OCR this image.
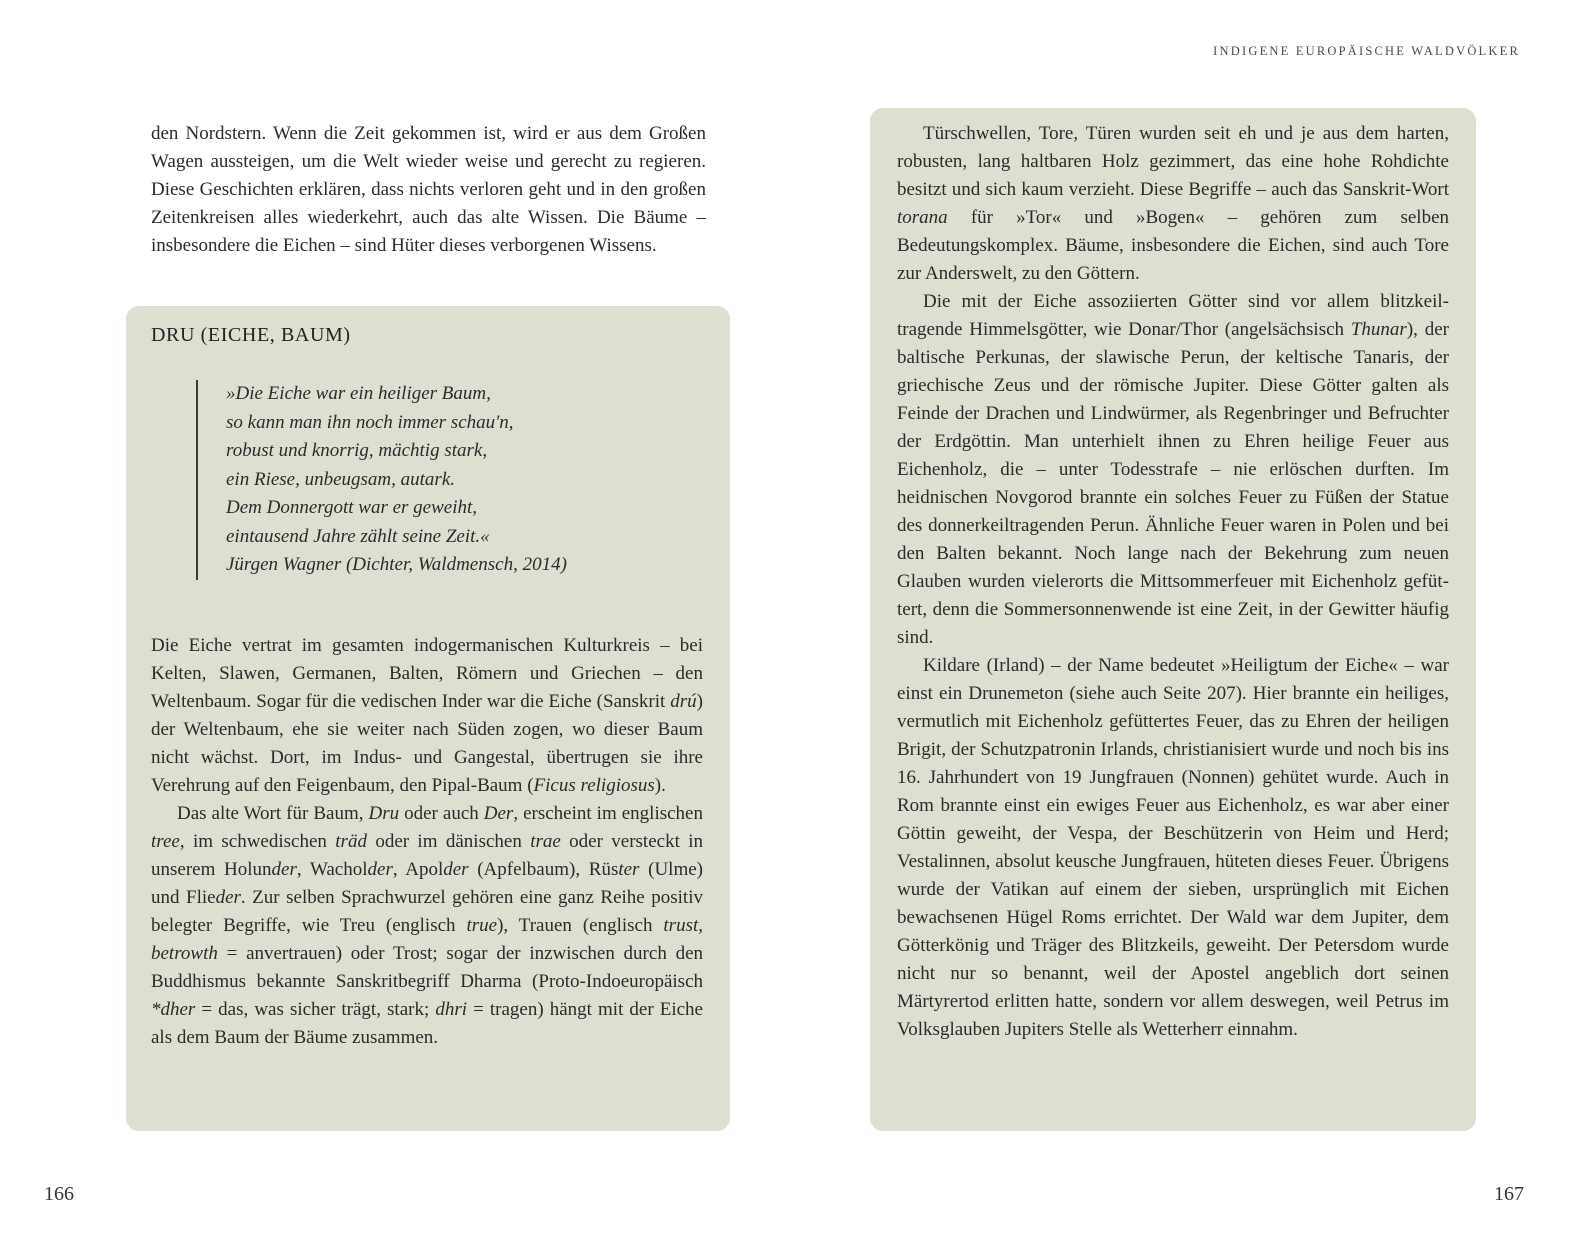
INDIGENE EUROPÄISCHE WALDVÖLKER

den Nordstern. Wenn die Zeit gekommen ist, wird er aus dem Großen Wagen aussteigen, um die Welt wieder weise und gerecht zu regieren. Diese Geschichten erklären, dass nichts verloren geht und in den großen Zeitenkreisen alles wiederkehrt, auch das alte Wissen. Die Bäume – insbesondere die Eichen – sind Hüter dieses verborgenen Wissens.

DRU (EICHE, BAUM)
»Die Eiche war ein heiliger Baum,
so kann man ihn noch immer schau'n,
robust und knorrig, mächtig stark,
ein Riese, unbeugsam, autark.
Dem Donnergott war er geweiht,
eintausend Jahre zählt seine Zeit.«
Jürgen Wagner (Dichter, Waldmensch, 2014)

Die Eiche vertrat im gesamten indogermanischen Kulturkreis – bei Kelten, Slawen, Germanen, Balten, Römern und Griechen – den Weltenbaum. Sogar für die vedischen Inder war die Eiche (Sanskrit drú) der Weltenbaum, ehe sie weiter nach Süden zogen, wo dieser Baum nicht wächst. Dort, im Indus- und Gangestal, übertrugen sie ihre Verehrung auf den Feigenbaum, den Pipal-Baum (Ficus religiosus).

Das alte Wort für Baum, Dru oder auch Der, erscheint im englischen tree, im schwedischen träd oder im dänischen trae oder versteckt in unserem Holunder, Wacholder, Apolder (Apfelbaum), Rüster (Ulme) und Flieder. Zur selben Sprachwurzel gehören eine ganz Reihe positiv belegter Begriffe, wie Treu (englisch true), Trauen (englisch trust, betrowth = anvertrauen) oder Trost; sogar der inzwischen durch den Buddhismus bekannte Sanskritbegriff Dharma (Proto-Indoeuropäisch *dher = das, was sicher trägt, stark; dhri = tragen) hängt mit der Eiche als dem Baum der Bäume zusammen.

Türschwellen, Tore, Türen wurden seit eh und je aus dem harten, robusten, lang haltbaren Holz gezimmert, das eine hohe Rohdichte besitzt und sich kaum verzieht. Diese Begriffe – auch das Sanskrit-Wort torana für »Tor« und »Bogen« – gehören zum selben Bedeutungskomplex. Bäume, insbesondere die Eichen, sind auch Tore zur Anderswelt, zu den Göttern.

Die mit der Eiche assoziierten Götter sind vor allem blitzkeiltragende Himmelsgötter, wie Donar/Thor (angelsächsisch Thunar), der baltische Perkunas, der slawische Perun, der keltische Tanaris, der griechische Zeus und der römische Jupiter. Diese Götter galten als Feinde der Drachen und Lindwürmer, als Regenbringer und Befruchter der Erdgöttin. Man unterhielt ihnen zu Ehren heilige Feuer aus Eichenholz, die – unter Todesstrafe – nie erlöschen durften. Im heidnischen Novgorod brannte ein solches Feuer zu Füßen der Statue des donnerkeiltragenden Perun. Ähnliche Feuer waren in Polen und bei den Balten bekannt. Noch lange nach der Bekehrung zum neuen Glauben wurden vielerorts die Mittsommerfeuer mit Eichenholz gefüttert, denn die Sommersonnenwende ist eine Zeit, in der Gewitter häufig sind.

Kildare (Irland) – der Name bedeutet »Heiligtum der Eiche« – war einst ein Drunemeton (siehe auch Seite 207). Hier brannte ein heiliges, vermutlich mit Eichenholz gefüttertes Feuer, das zu Ehren der heiligen Brigit, der Schutzpatronin Irlands, christianisiert wurde und noch bis ins 16. Jahrhundert von 19 Jungfrauen (Nonnen) gehütet wurde. Auch in Rom brannte einst ein ewiges Feuer aus Eichenholz, es war aber einer Göttin geweiht, der Vespa, der Beschützerin von Heim und Herd; Vestalinnen, absolut keusche Jungfrauen, hüteten dieses Feuer. Übrigens wurde der Vatikan auf einem der sieben, ursprünglich mit Eichen bewachsenen Hügel Roms errichtet. Der Wald war dem Jupiter, dem Götterkönig und Träger des Blitzkeils, geweiht. Der Petersdom wurde nicht nur so benannt, weil der Apostel angeblich dort seinen Märtyrertod erlitten hatte, sondern vor allem deswegen, weil Petrus im Volksglauben Jupiters Stelle als Wetterherr einnahm.

166	167
